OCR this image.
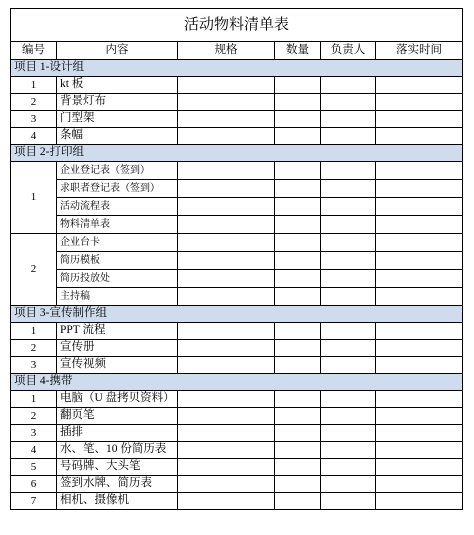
活动物料清单表					
编号	内容	规格	数量	负责人	落实时间
项目 1-设计组					
1	kt 板				
2	背景灯布				
3	门型架				
4	条幅				
项目 2-打印组					
1	企业登记表（签到）				
	求职者登记表（签到）				
	活动流程表				
	物料清单表				
2	企业台卡				
	简历模板				
	简历投放处				
	主持稿				
项目 3-宣传制作组					
1	PPT 流程				
2	宣传册				
3	宣传视频				
项目 4-携带					
1	电脑（U 盘拷贝资料）				
2	翻页笔				
3	插排				
4	水、笔、10 份简历表				
5	号码牌、大头笔				
6	签到水牌、简历表				
7	相机、摄像机				
